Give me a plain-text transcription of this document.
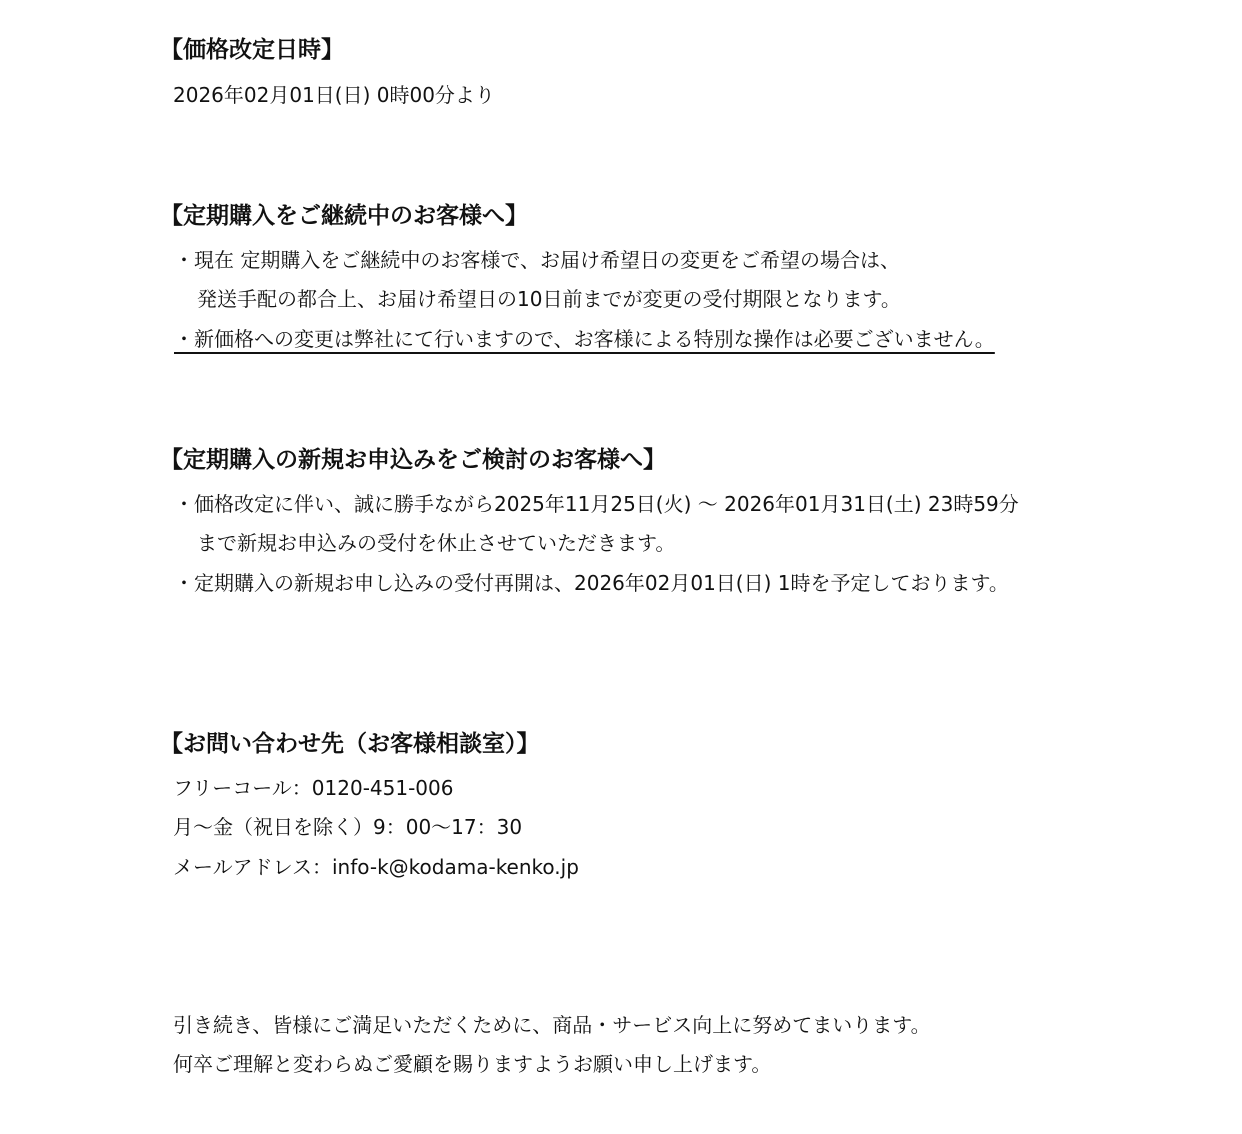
【価格改定日時】
2026年02月01日(日) 0時00分より
【定期購入をご継続中のお客様へ】
・現在 定期購入をご継続中のお客様で、お届け希望日の変更をご希望の場合は、
発送手配の都合上、お届け希望日の10日前までが変更の受付期限となります。
・新価格への変更は弊社にて行いますので、お客様による特別な操作は必要ございません。
【定期購入の新規お申込みをご検討のお客様へ】
・価格改定に伴い、誠に勝手ながら2025年11月25日(火) 〜 2026年01月31日(土) 23時59分
まで新規お申込みの受付を休止させていただきます。
・定期購入の新規お申し込みの受付再開は、2026年02月01日(日) 1時を予定しております。
【お問い合わせ先（お客様相談室）】
フリーコール：0120-451-006
月〜金（祝日を除く）9：00〜17：30
メールアドレス：info-k@kodama-kenko.jp
引き続き、皆様にご満足いただくために、商品・サービス向上に努めてまいります。
何卒ご理解と変わらぬご愛顧を賜りますようお願い申し上げます。
